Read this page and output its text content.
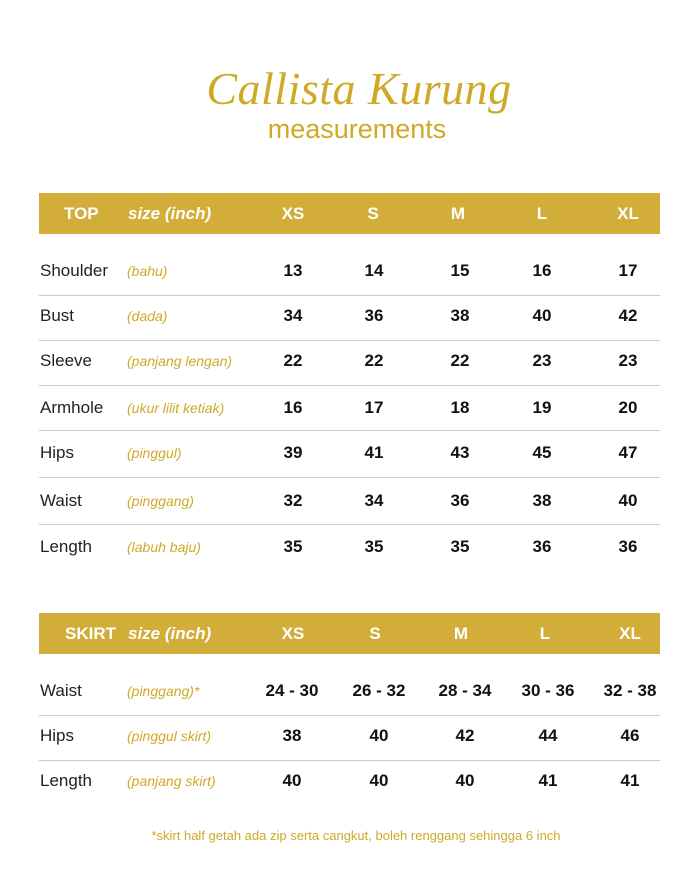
Callista Kurung
measurements
TOP size (inch)	XS	S	M	L	XL
Shoulder (bahu)	13	14	15	16	17
Bust	(dada)	34	36	38	40	42
Sleeve	(panjang lengan)	22	22	22	23	23
Armhole (ukur lilit ketiak)	16	17	18	19	20
Hips	(pinggul)	39	41	43	45	47
Waist	(pinggang)	32	34	36	38	40
Length	(labuh baju)	35	35	35	36	36
SKIRT size (inch)	XS	S	M	L	XL
Waist	(pinggang)*	24 - 30	26 - 32	28 - 34	30 - 36	32 - 38
Hips	(pinggul skirt)	38	40	42	44	46
Length	(panjang skirt)	40	40	40	41	41
*skirt half getah ada zip serta cangkut, boleh renggang sehingga 6 inch
